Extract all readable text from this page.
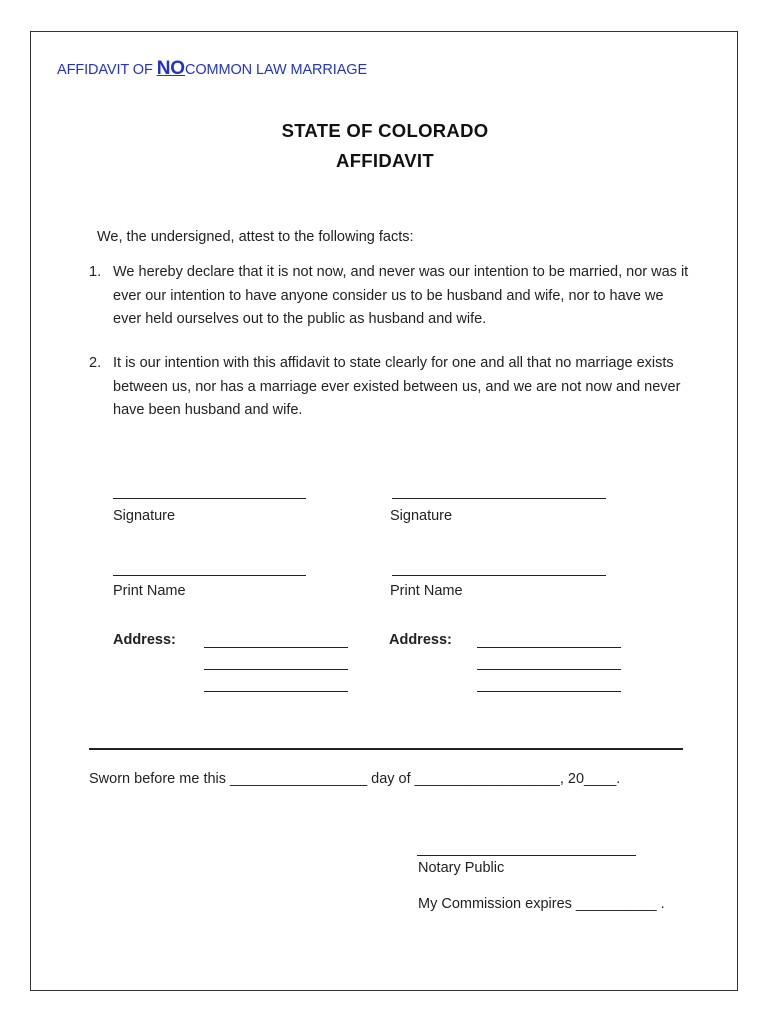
AFFIDAVIT OF NOCOMMON LAW MARRIAGE
STATE OF COLORADO
AFFIDAVIT
We, the undersigned, attest to the following facts:
1. We hereby declare that it is not now, and never was our intention to be married, nor was it ever our intention to have anyone consider us to be husband and wife, nor to have we ever held ourselves out to the public as husband and wife.
2. It is our intention with this affidavit to state clearly for one and all that no marriage exists between us, nor has a marriage ever existed between us, and we are not now and never have been husband and wife.
Signature	Signature
Print Name	Print Name
Address:	Address:
Sworn before me this _________________ day of __________________, 20____.
Notary Public
My Commission expires __________ .
